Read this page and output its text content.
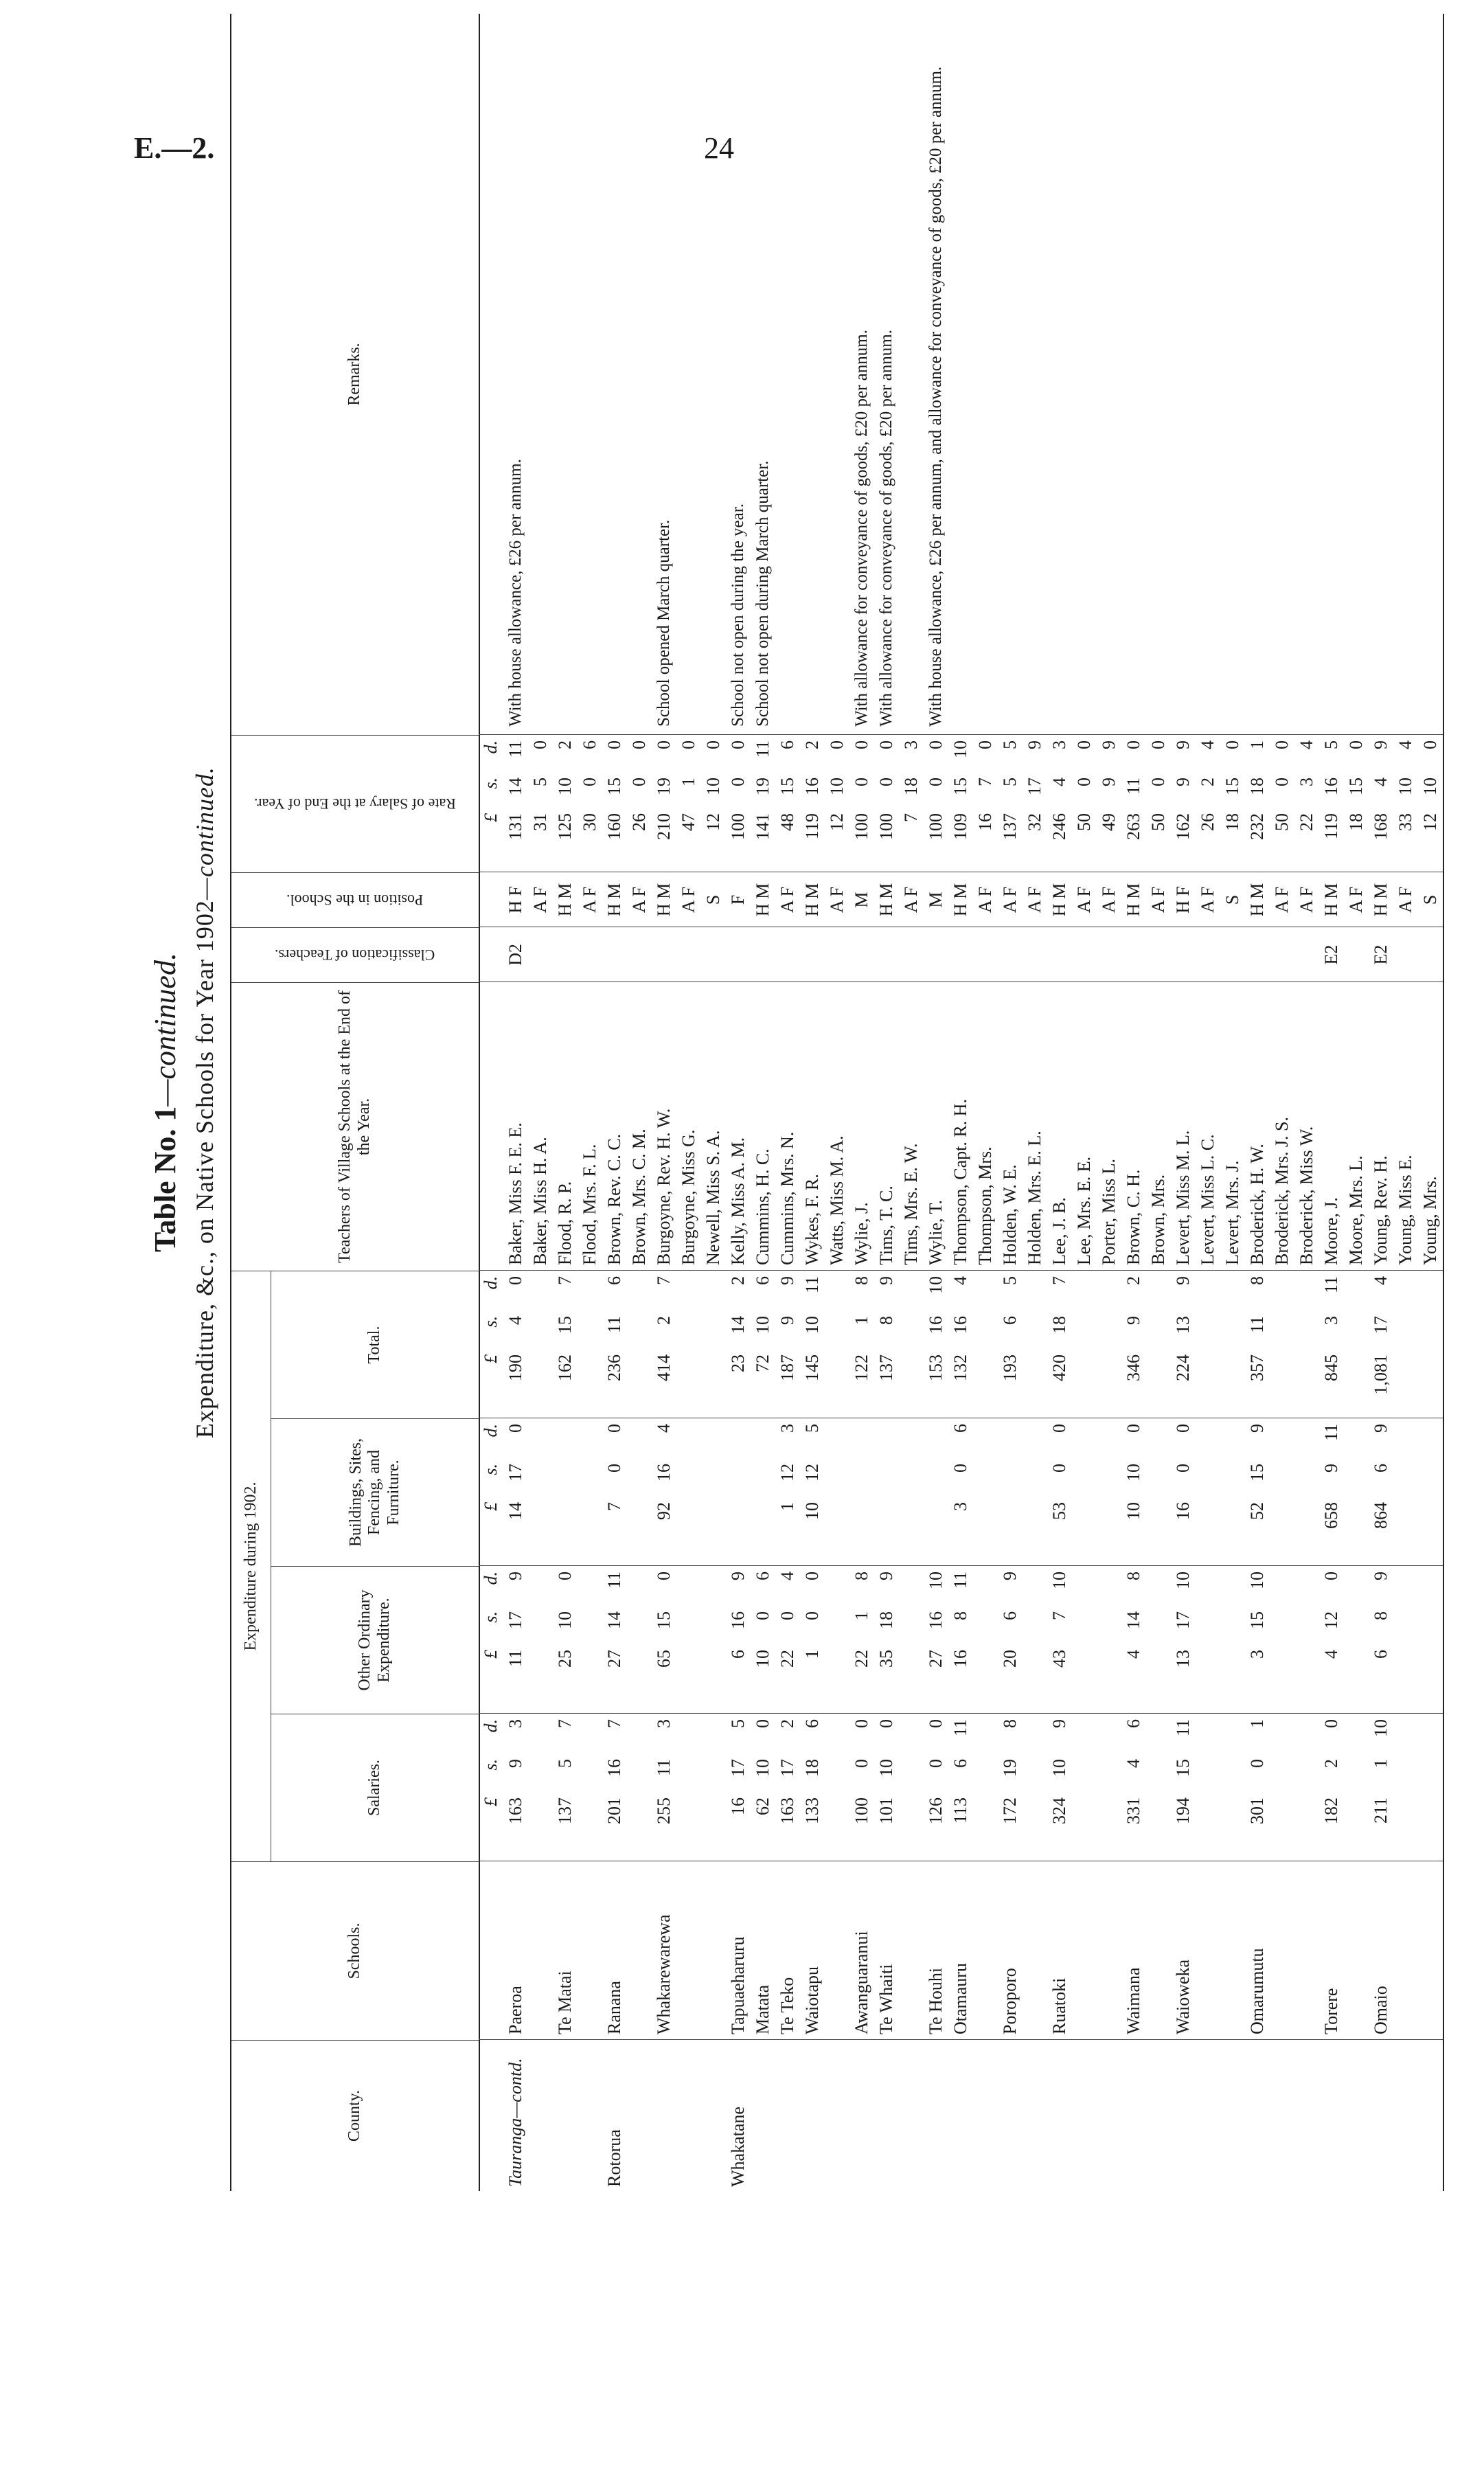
E.—2.	24
Table No. 1—continued. Expenditure, &c., on Native Schools for Year 1902—continued.
County.
Schools.
Expenditure during 1902.
Salaries.
Other Ordinary Expenditure.
Buildings, Sites, Fencing, and Furniture.
Total.
Teachers of Village Schools at the End of the Year.
Classification of Teachers.
Position in the School.
Rate of Salary at the End of Year.
Remarks.
£
s.
d.
£
s.
d.
£
s.
d.
£
s.
d.
£
s.
d.
Tauranga—contd.
Paeroa
163
9
3
11
17
9
14
17
0
190
4
0
Baker, Miss F. E. E.
D2
H F
131
14
11
With house allowance, £26 per annum.
Baker, Miss H. A.
A F
31
5
0
Te Matai
137
5
7
25
10
0
162
15
7
Flood, R. P.
H M
125
10
2
Flood, Mrs. F. L.
A F
30
0
6
Rotorua
Ranana
201
16
7
27
14
11
7
0
0
236
11
6
Brown, Rev. C. C.
H M
160
15
0
Brown, Mrs. C. M.
A F
26
0
0
Whakarewarewa
255
11
3
65
15
0
92
16
4
414
2
7
Burgoyne, Rev. H. W.
H M
210
19
0
School opened March quarter.
Burgoyne, Miss G.
A F
47
1
0
Newell, Miss S. A.
S
12
10
0
Whakatane
Tapuaeharuru
16
17
5
6
16
9
23
14
2
Kelly, Miss A. M.
F
100
0
0
School not open during the year.
Matata
62
10
0
10
0
6
72
10
6
Cummins, H. C.
H M
141
19
11
School not open during March quarter.
Te Teko
163
17
2
22
0
4
1
12
3
187
9
9
Cummins, Mrs. N.
A F
48
15
6
Waiotapu
133
18
6
1
0
0
10
12
5
145
10
11
Wykes, F. R.
H M
119
16
2
Watts, Miss M. A.
A F
12
10
0
Awanguaranui
100
0
0
22
1
8
122
1
8
Wylie, J.
M
100
0
0
With allowance for conveyance of goods, £20 per annum.
Te Whaiti
101
10
0
35
18
9
137
8
9
Tims, T. C.
H M
100
0
0
With allowance for conveyance of goods, £20 per annum.
Tims, Mrs. E. W.
A F
7
18
3
Te Houhi
126
0
0
27
16
10
153
16
10
Wylie, T.
M
100
0
0
With house allowance, £26 per annum, and allowance for conveyance of goods, £20 per annum.
Otamauru
113
6
11
16
8
11
3
0
6
132
16
4
Thompson, Capt. R. H.
H M
109
15
10
Thompson, Mrs.
A F
16
7
0
Poroporo
172
19
8
20
6
9
193
6
5
Holden, W. E.
A F
137
5
5
Holden, Mrs. E. L.
A F
32
17
9
Ruatoki
324
10
9
43
7
10
53
0
0
420
18
7
Lee, J. B.
H M
246
4
3
Lee, Mrs. E. E.
A F
50
0
0
Porter, Miss L.
A F
49
9
9
Waimana
331
4
6
4
14
8
10
10
0
346
9
2
Brown, C. H.
H M
263
11
0
Brown, Mrs.
A F
50
0
0
Waioweka
194
15
11
13
17
10
16
0
0
224
13
9
Levert, Miss M. L.
H F
162
9
9
Levert, Miss L. C.
A F
26
2
4
Levert, Mrs. J.
S
18
15
0
Omarumutu
301
0
1
3
15
10
52
15
9
357
11
8
Broderick, H. W.
H M
232
18
1
Broderick, Mrs. J. S.
A F
50
0
0
Broderick, Miss W.
A F
22
3
4
Torere
182
2
0
4
12
0
658
9
11
845
3
11
Moore, J.
E2
H M
119
16
5
Moore, Mrs. L.
A F
18
15
0
Omaio
211
1
10
6
8
9
864
6
9
1,081
17
4
Young, Rev. H.
E2
H M
168
4
9
Young, Miss E.
A F
33
10
4
Young, Mrs.
S
12
10
0
